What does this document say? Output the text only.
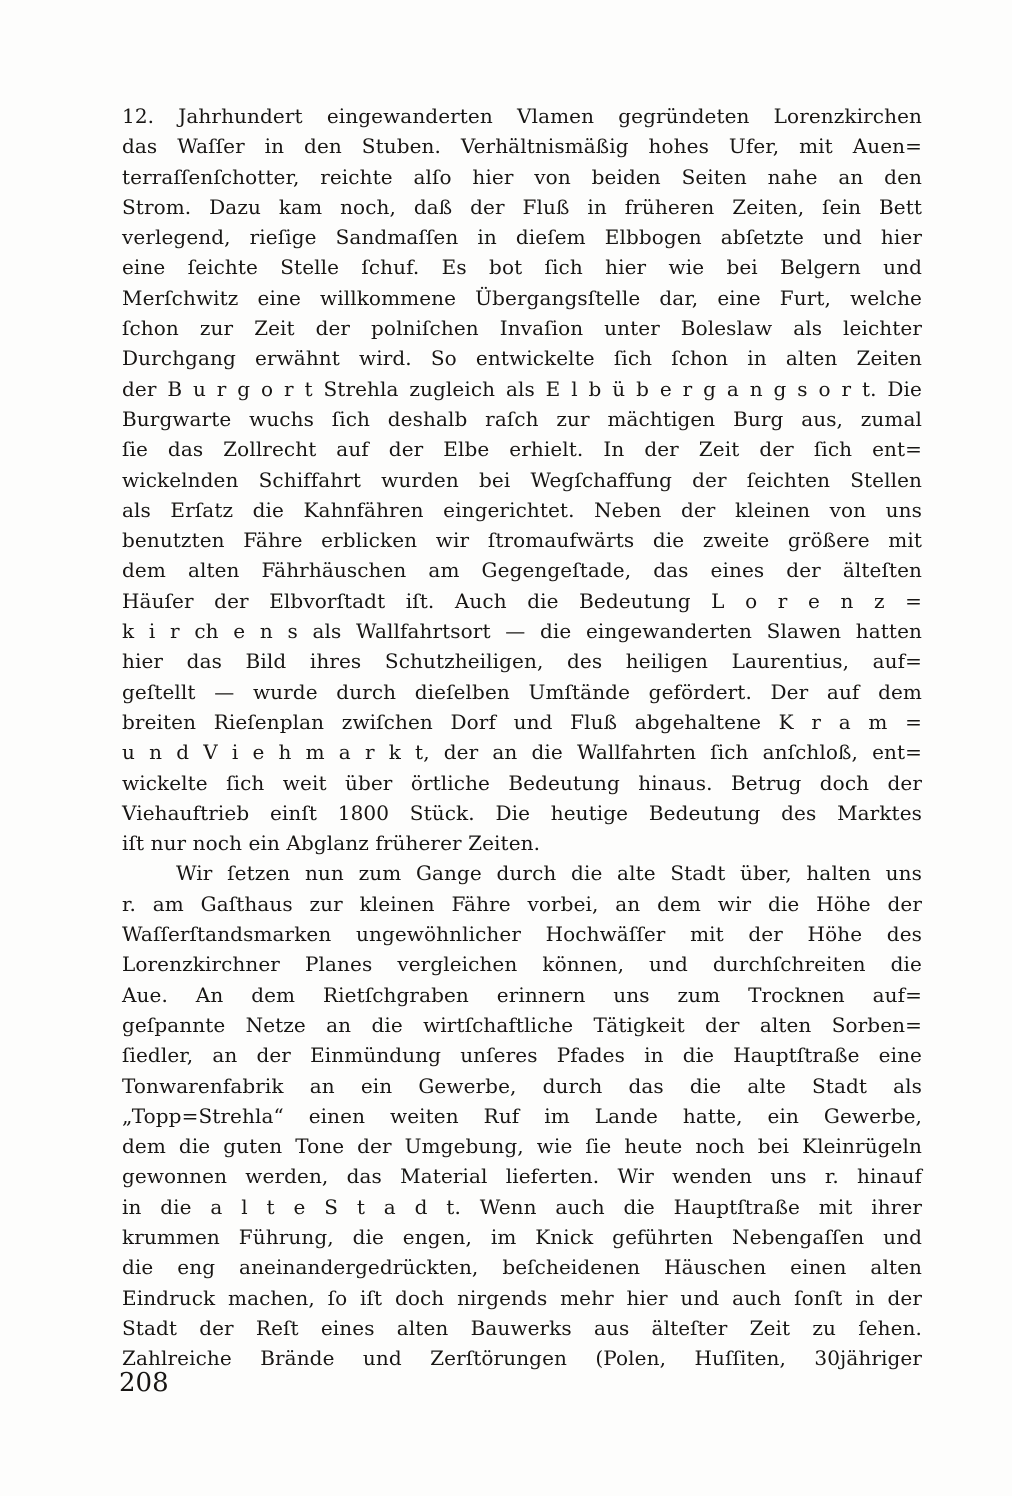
12. Jahrhundert eingewanderten Vlamen gegründeten Lorenzkirchen
das Waſſer in den Stuben. Verhältnismäßig hohes Ufer, mit Auen=
terraſſenſchotter, reichte alſo hier von beiden Seiten nahe an den
Strom. Dazu kam noch, daß der Fluß in früheren Zeiten, ſein Bett
verlegend, rieſige Sandmaſſen in dieſem Elbbogen abſetzte und hier
eine ſeichte Stelle ſchuf. Es bot ſich hier wie bei Belgern und
Merſchwitz eine willkommene Übergangsſtelle dar, eine Furt, welche
ſchon zur Zeit der polniſchen Invaſion unter Boleslaw als leichter
Durchgang erwähnt wird. So entwickelte ſich ſchon in alten Zeiten
der B u r g o r t Strehla zugleich als E l b ü b e r g a n g s o r t. Die
Burgwarte wuchs ſich deshalb raſch zur mächtigen Burg aus, zumal
ſie das Zollrecht auf der Elbe erhielt. In der Zeit der ſich ent=
wickelnden Schiffahrt wurden bei Wegſchaffung der ſeichten Stellen
als Erſatz die Kahnfähren eingerichtet. Neben der kleinen von uns
benutzten Fähre erblicken wir ſtromaufwärts die zweite größere mit
dem alten Fährhäuschen am Gegengeſtade, das eines der älteſten
Häuſer der Elbvorſtadt iſt. Auch die Bedeutung L o r e n z =
k i r ch e n s als Wallfahrtsort — die eingewanderten Slawen hatten
hier das Bild ihres Schutzheiligen, des heiligen Laurentius, auf=
geſtellt — wurde durch dieſelben Umſtände gefördert. Der auf dem
breiten Rieſenplan zwiſchen Dorf und Fluß abgehaltene K r a m =
u n d V i e h m a r k t, der an die Wallfahrten ſich anſchloß, ent=
wickelte ſich weit über örtliche Bedeutung hinaus. Betrug doch der
Viehauftrieb einſt 1800 Stück. Die heutige Bedeutung des Marktes
iſt nur noch ein Abglanz früherer Zeiten.
Wir ſetzen nun zum Gange durch die alte Stadt über, halten uns
r. am Gaſthaus zur kleinen Fähre vorbei, an dem wir die Höhe der
Waſſerſtandsmarken ungewöhnlicher Hochwäſſer mit der Höhe des
Lorenzkirchner Planes vergleichen können, und durchſchreiten die
Aue. An dem Rietſchgraben erinnern uns zum Trocknen auf=
geſpannte Netze an die wirtſchaftliche Tätigkeit der alten Sorben=
ſiedler, an der Einmündung unſeres Pfades in die Hauptſtraße eine
Tonwarenfabrik an ein Gewerbe, durch das die alte Stadt als
„Topp=Strehla“ einen weiten Ruf im Lande hatte, ein Gewerbe,
dem die guten Tone der Umgebung, wie ſie heute noch bei Kleinrügeln
gewonnen werden, das Material lieferten. Wir wenden uns r. hinauf
in die a l t e S t a d t. Wenn auch die Hauptſtraße mit ihrer
krummen Führung, die engen, im Knick geführten Nebengaſſen und
die eng aneinandergedrückten, beſcheidenen Häuschen einen alten
Eindruck machen, ſo iſt doch nirgends mehr hier und auch ſonſt in der
Stadt der Reſt eines alten Bauwerks aus älteſter Zeit zu ſehen.
Zahlreiche Brände und Zerſtörungen (Polen, Huſſiten, 30jähriger
208
